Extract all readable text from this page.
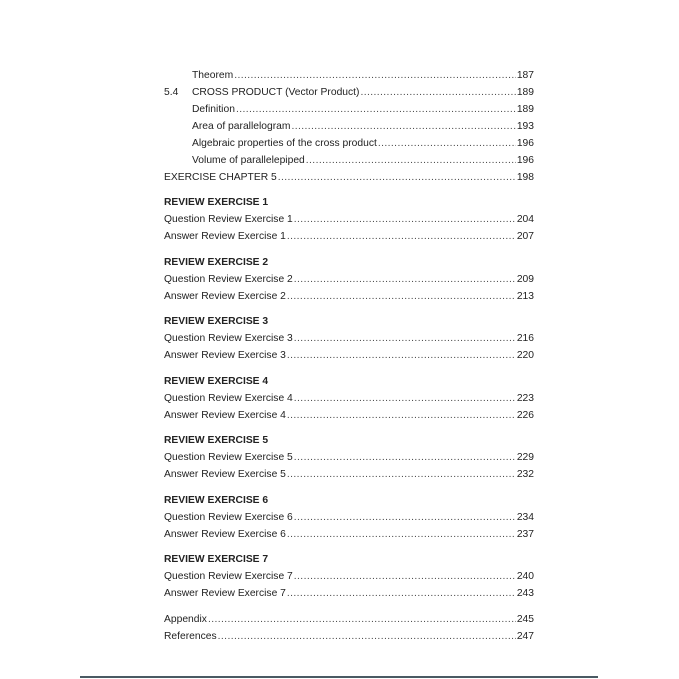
Theorem .....	187
5.4	CROSS PRODUCT (Vector Product) .....	189
Definition .....	189
Area of parallelogram .....	193
Algebraic properties of the cross product .....	196
Volume of parallelepiped .....	196
EXERCISE CHAPTER 5 .....	198
REVIEW EXERCISE 1
Question Review Exercise 1 .....	204
Answer Review Exercise 1 .....	207
REVIEW EXERCISE 2
Question Review Exercise 2 .....	209
Answer Review Exercise 2 .....	213
REVIEW EXERCISE 3
Question Review Exercise 3 .....	216
Answer Review Exercise 3 .....	220
REVIEW EXERCISE 4
Question Review Exercise 4 .....	223
Answer Review Exercise 4 .....	226
REVIEW EXERCISE 5
Question Review Exercise 5 .....	229
Answer Review Exercise 5 .....	232
REVIEW EXERCISE 6
Question Review Exercise 6 .....	234
Answer Review Exercise 6 .....	237
REVIEW EXERCISE 7
Question Review Exercise 7 .....	240
Answer Review Exercise 7 .....	243
Appendix .....	245
References .....	247
